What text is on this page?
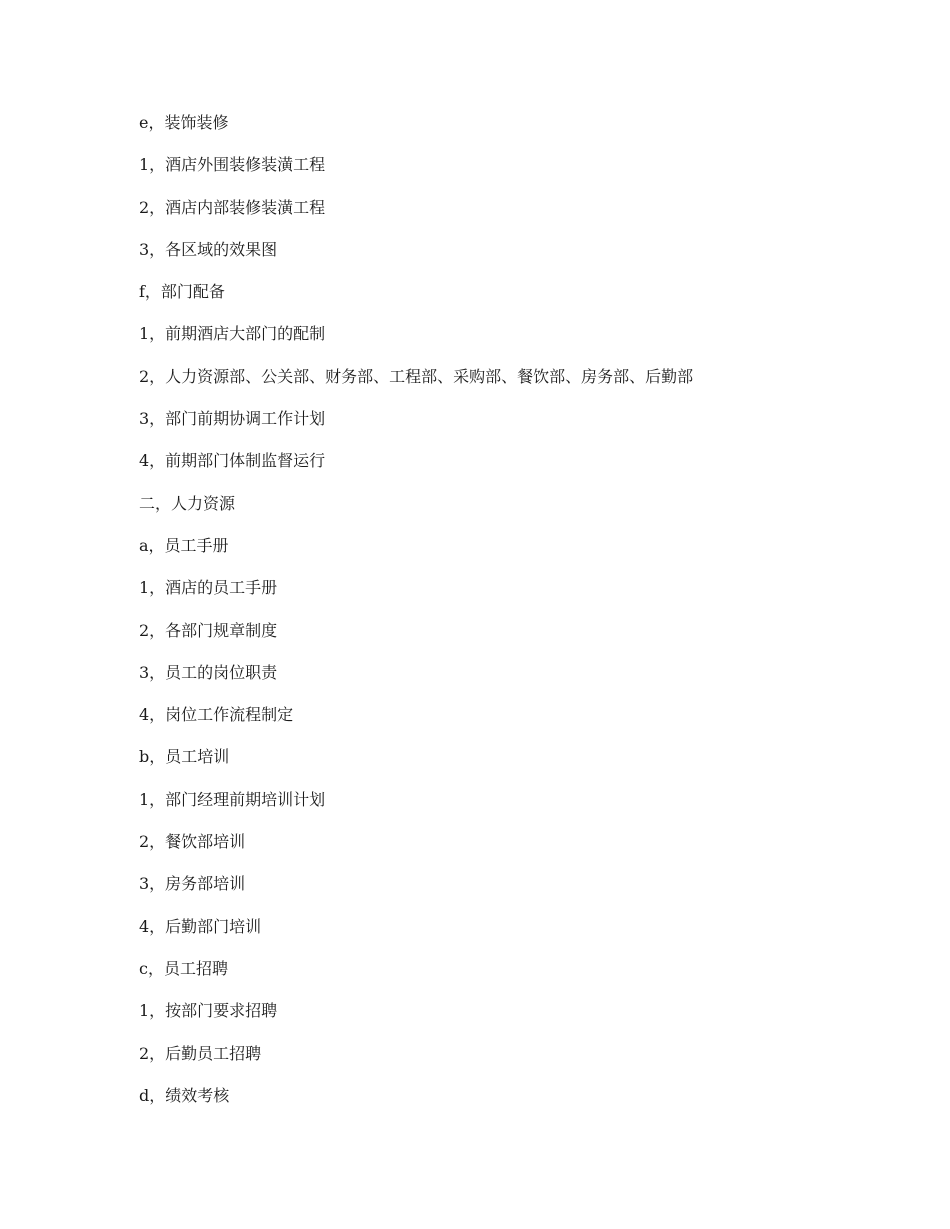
e，装饰装修
1，酒店外围装修装潢工程
2，酒店内部装修装潢工程
3，各区域的效果图
f，部门配备
1，前期酒店大部门的配制
2，人力资源部、公关部、财务部、工程部、采购部、餐饮部、房务部、后勤部
3，部门前期协调工作计划
4，前期部门体制监督运行
二，人力资源
a，员工手册
1，酒店的员工手册
2，各部门规章制度
3，员工的岗位职责
4，岗位工作流程制定
b，员工培训
1，部门经理前期培训计划
2，餐饮部培训
3，房务部培训
4，后勤部门培训
c，员工招聘
1，按部门要求招聘
2，后勤员工招聘
d，绩效考核
